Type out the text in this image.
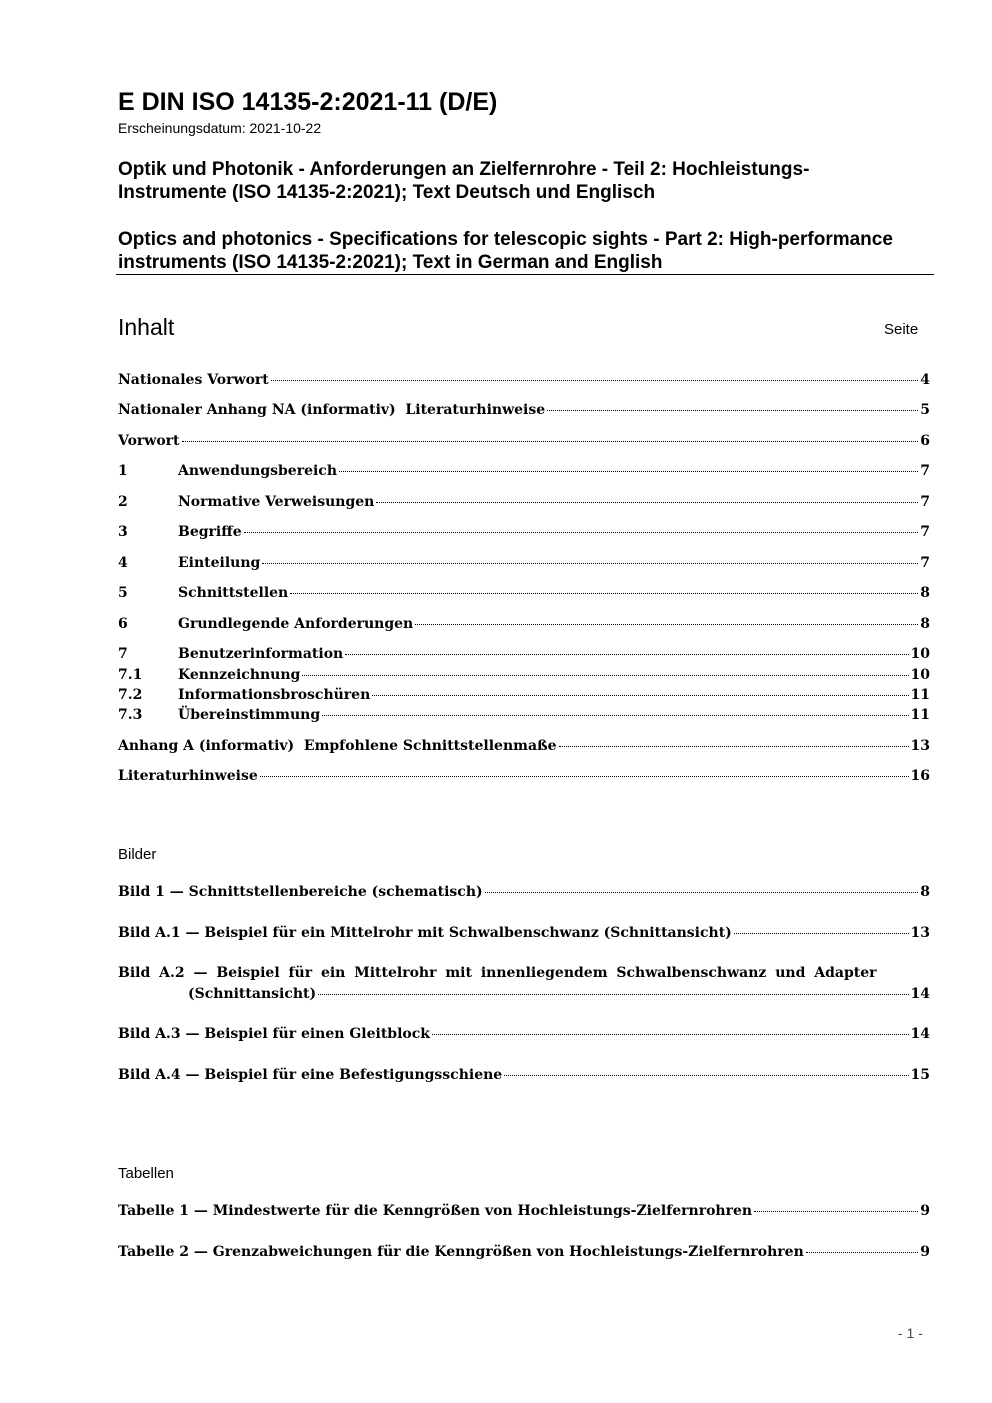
E DIN ISO 14135-2:2021-11 (D/E)
Erscheinungsdatum: 2021-10-22
Optik und Photonik - Anforderungen an Zielfernrohre - Teil 2: Hochleistungs-Instrumente (ISO 14135-2:2021); Text Deutsch und Englisch
Optics and photonics - Specifications for telescopic sights - Part 2: High-performance instruments (ISO 14135-2:2021); Text in German and English
Inhalt	Seite
Nationales Vorwort	4
Nationaler Anhang NA (informativ)  Literaturhinweise	5
Vorwort	6
1	Anwendungsbereich	7
2	Normative Verweisungen	7
3	Begriffe	7
4	Einteilung	7
5	Schnittstellen	8
6	Grundlegende Anforderungen	8
7	Benutzerinformation	10
7.1	Kennzeichnung	10
7.2	Informationsbroschüren	11
7.3	Übereinstimmung	11
Anhang A (informativ)  Empfohlene Schnittstellenmaße	13
Literaturhinweise	16
Bilder
Bild 1 — Schnittstellenbereiche (schematisch)	8
Bild A.1 — Beispiel für ein Mittelrohr mit Schwalbenschwanz (Schnittansicht)	13
Bild A.2 — Beispiel für ein Mittelrohr mit innenliegendem Schwalbenschwanz und Adapter
(Schnittansicht)	14
Bild A.3 — Beispiel für einen Gleitblock	14
Bild A.4 — Beispiel für eine Befestigungsschiene	15
Tabellen
Tabelle 1 — Mindestwerte für die Kenngrößen von Hochleistungs-Zielfernrohren	9
Tabelle 2 — Grenzabweichungen für die Kenngrößen von Hochleistungs-Zielfernrohren	9
- 1 -
